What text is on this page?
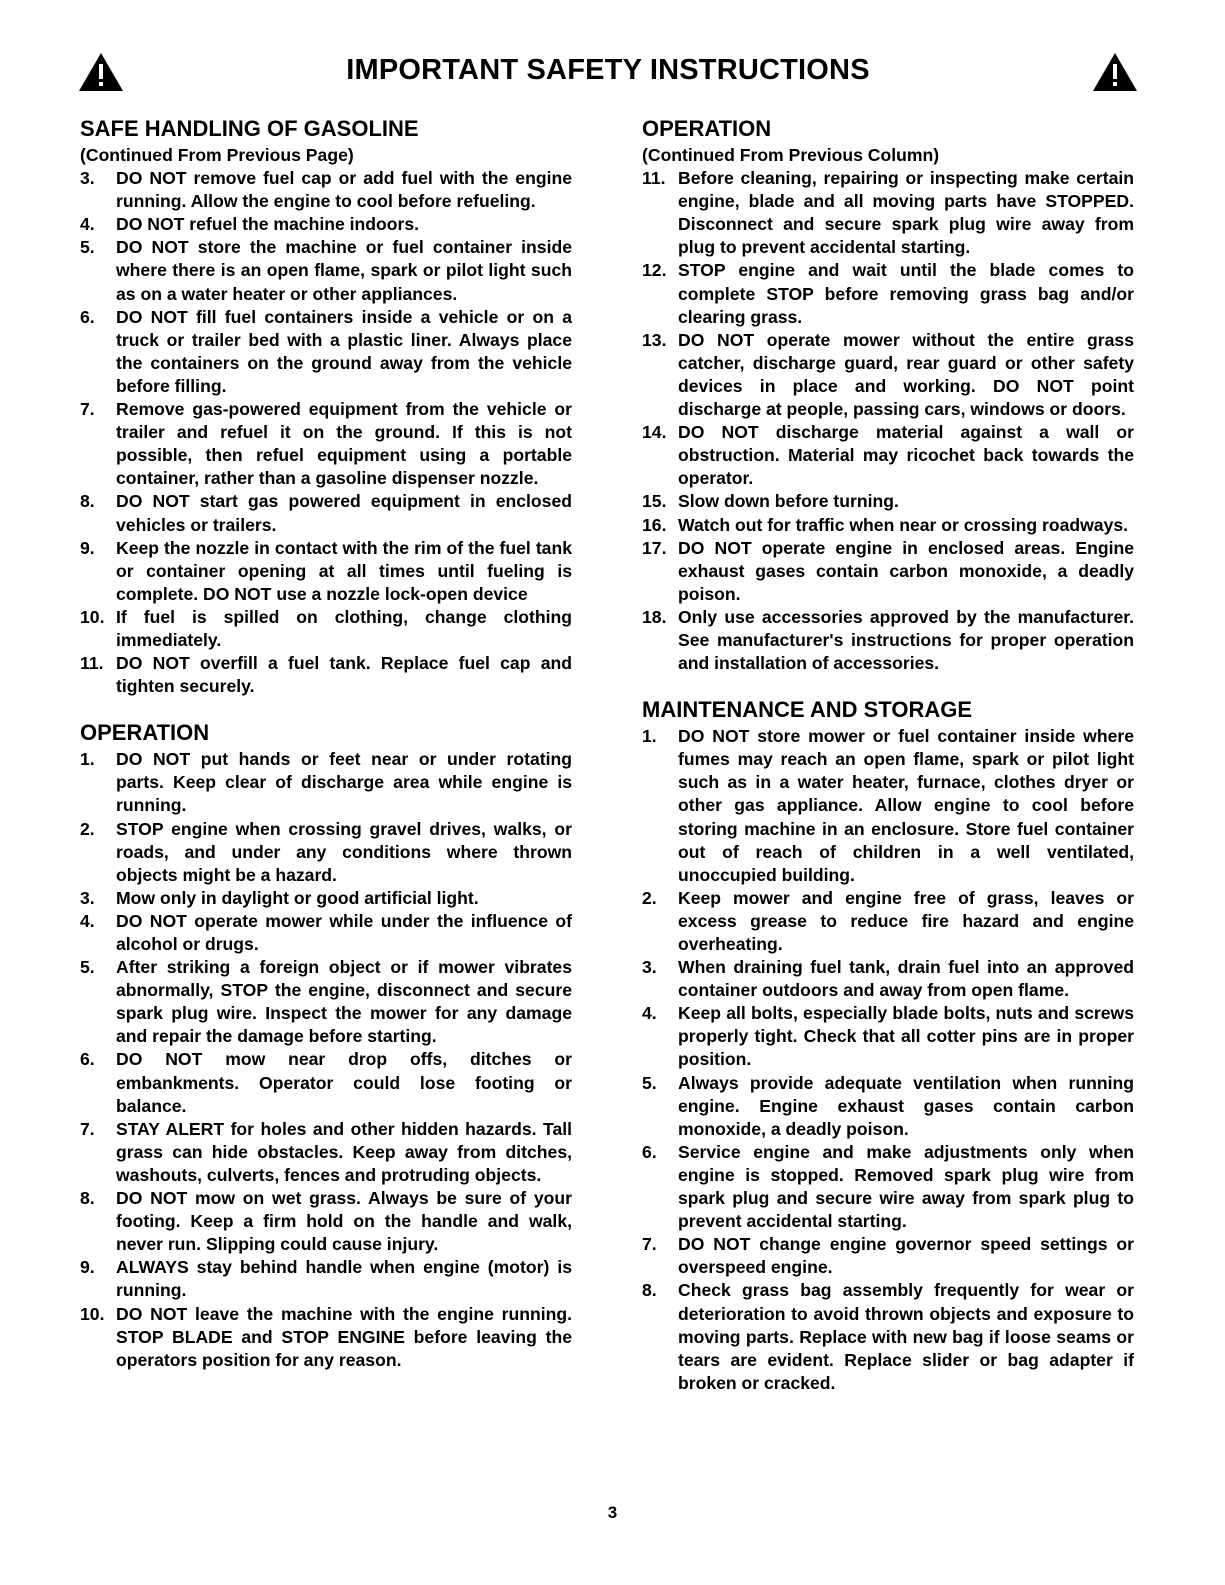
IMPORTANT SAFETY INSTRUCTIONS
SAFE HANDLING OF GASOLINE

(Continued From Previous Page)

3. DO NOT remove fuel cap or add fuel with the engine running. Allow the engine to cool before refueling.
4. DO NOT refuel the machine indoors.
5. DO NOT store the machine or fuel container inside where there is an open flame, spark or pilot light such as on a water heater or other appliances.
6. DO NOT fill fuel containers inside a vehicle or on a truck or trailer bed with a plastic liner. Always place the containers on the ground away from the vehicle before filling.
7. Remove gas-powered equipment from the vehicle or trailer and refuel it on the ground. If this is not possible, then refuel equipment using a portable container, rather than a gasoline dispenser nozzle.
8. DO NOT start gas powered equipment in enclosed vehicles or trailers.
9. Keep the nozzle in contact with the rim of the fuel tank or container opening at all times until fueling is complete. DO NOT use a nozzle lock-open device
10. If fuel is spilled on clothing, change clothing immediately.
11. DO NOT overfill a fuel tank. Replace fuel cap and tighten securely.
OPERATION
1. DO NOT put hands or feet near or under rotating parts. Keep clear of discharge area while engine is running.
2. STOP engine when crossing gravel drives, walks, or roads, and under any conditions where thrown objects might be a hazard.
3. Mow only in daylight or good artificial light.
4. DO NOT operate mower while under the influence of alcohol or drugs.
5. After striking a foreign object or if mower vibrates abnormally, STOP the engine, disconnect and secure spark plug wire. Inspect the mower for any damage and repair the damage before starting.
6. DO NOT mow near drop offs, ditches or embankments. Operator could lose footing or balance.
7. STAY ALERT for holes and other hidden hazards. Tall grass can hide obstacles. Keep away from ditches, washouts, culverts, fences and protruding objects.
8. DO NOT mow on wet grass. Always be sure of your footing. Keep a firm hold on the handle and walk, never run. Slipping could cause injury.
9. ALWAYS stay behind handle when engine (motor) is running.
10. DO NOT leave the machine with the engine running. STOP BLADE and STOP ENGINE before leaving the operators position for any reason.
OPERATION

(Continued From Previous Column)

11. Before cleaning, repairing or inspecting make certain engine, blade and all moving parts have STOPPED. Disconnect and secure spark plug wire away from plug to prevent accidental starting.
12. STOP engine and wait until the blade comes to complete STOP before removing grass bag and/or clearing grass.
13. DO NOT operate mower without the entire grass catcher, discharge guard, rear guard or other safety devices in place and working. DO NOT point discharge at people, passing cars, windows or doors.
14. DO NOT discharge material against a wall or obstruction. Material may ricochet back towards the operator.
15. Slow down before turning.
16. Watch out for traffic when near or crossing roadways.
17. DO NOT operate engine in enclosed areas. Engine exhaust gases contain carbon monoxide, a deadly poison.
18. Only use accessories approved by the manufacturer. See manufacturer's instructions for proper operation and installation of accessories.
MAINTENANCE AND STORAGE
1. DO NOT store mower or fuel container inside where fumes may reach an open flame, spark or pilot light such as in a water heater, furnace, clothes dryer or other gas appliance. Allow engine to cool before storing machine in an enclosure. Store fuel container out of reach of children in a well ventilated, unoccupied building.
2. Keep mower and engine free of grass, leaves or excess grease to reduce fire hazard and engine overheating.
3. When draining fuel tank, drain fuel into an approved container outdoors and away from open flame.
4. Keep all bolts, especially blade bolts, nuts and screws properly tight. Check that all cotter pins are in proper position.
5. Always provide adequate ventilation when running engine. Engine exhaust gases contain carbon monoxide, a deadly poison.
6. Service engine and make adjustments only when engine is stopped. Removed spark plug wire from spark plug and secure wire away from spark plug to prevent accidental starting.
7. DO NOT change engine governor speed settings or overspeed engine.
8. Check grass bag assembly frequently for wear or deterioration to avoid thrown objects and exposure to moving parts. Replace with new bag if loose seams or tears are evident. Replace slider or bag adapter if broken or cracked.
3
